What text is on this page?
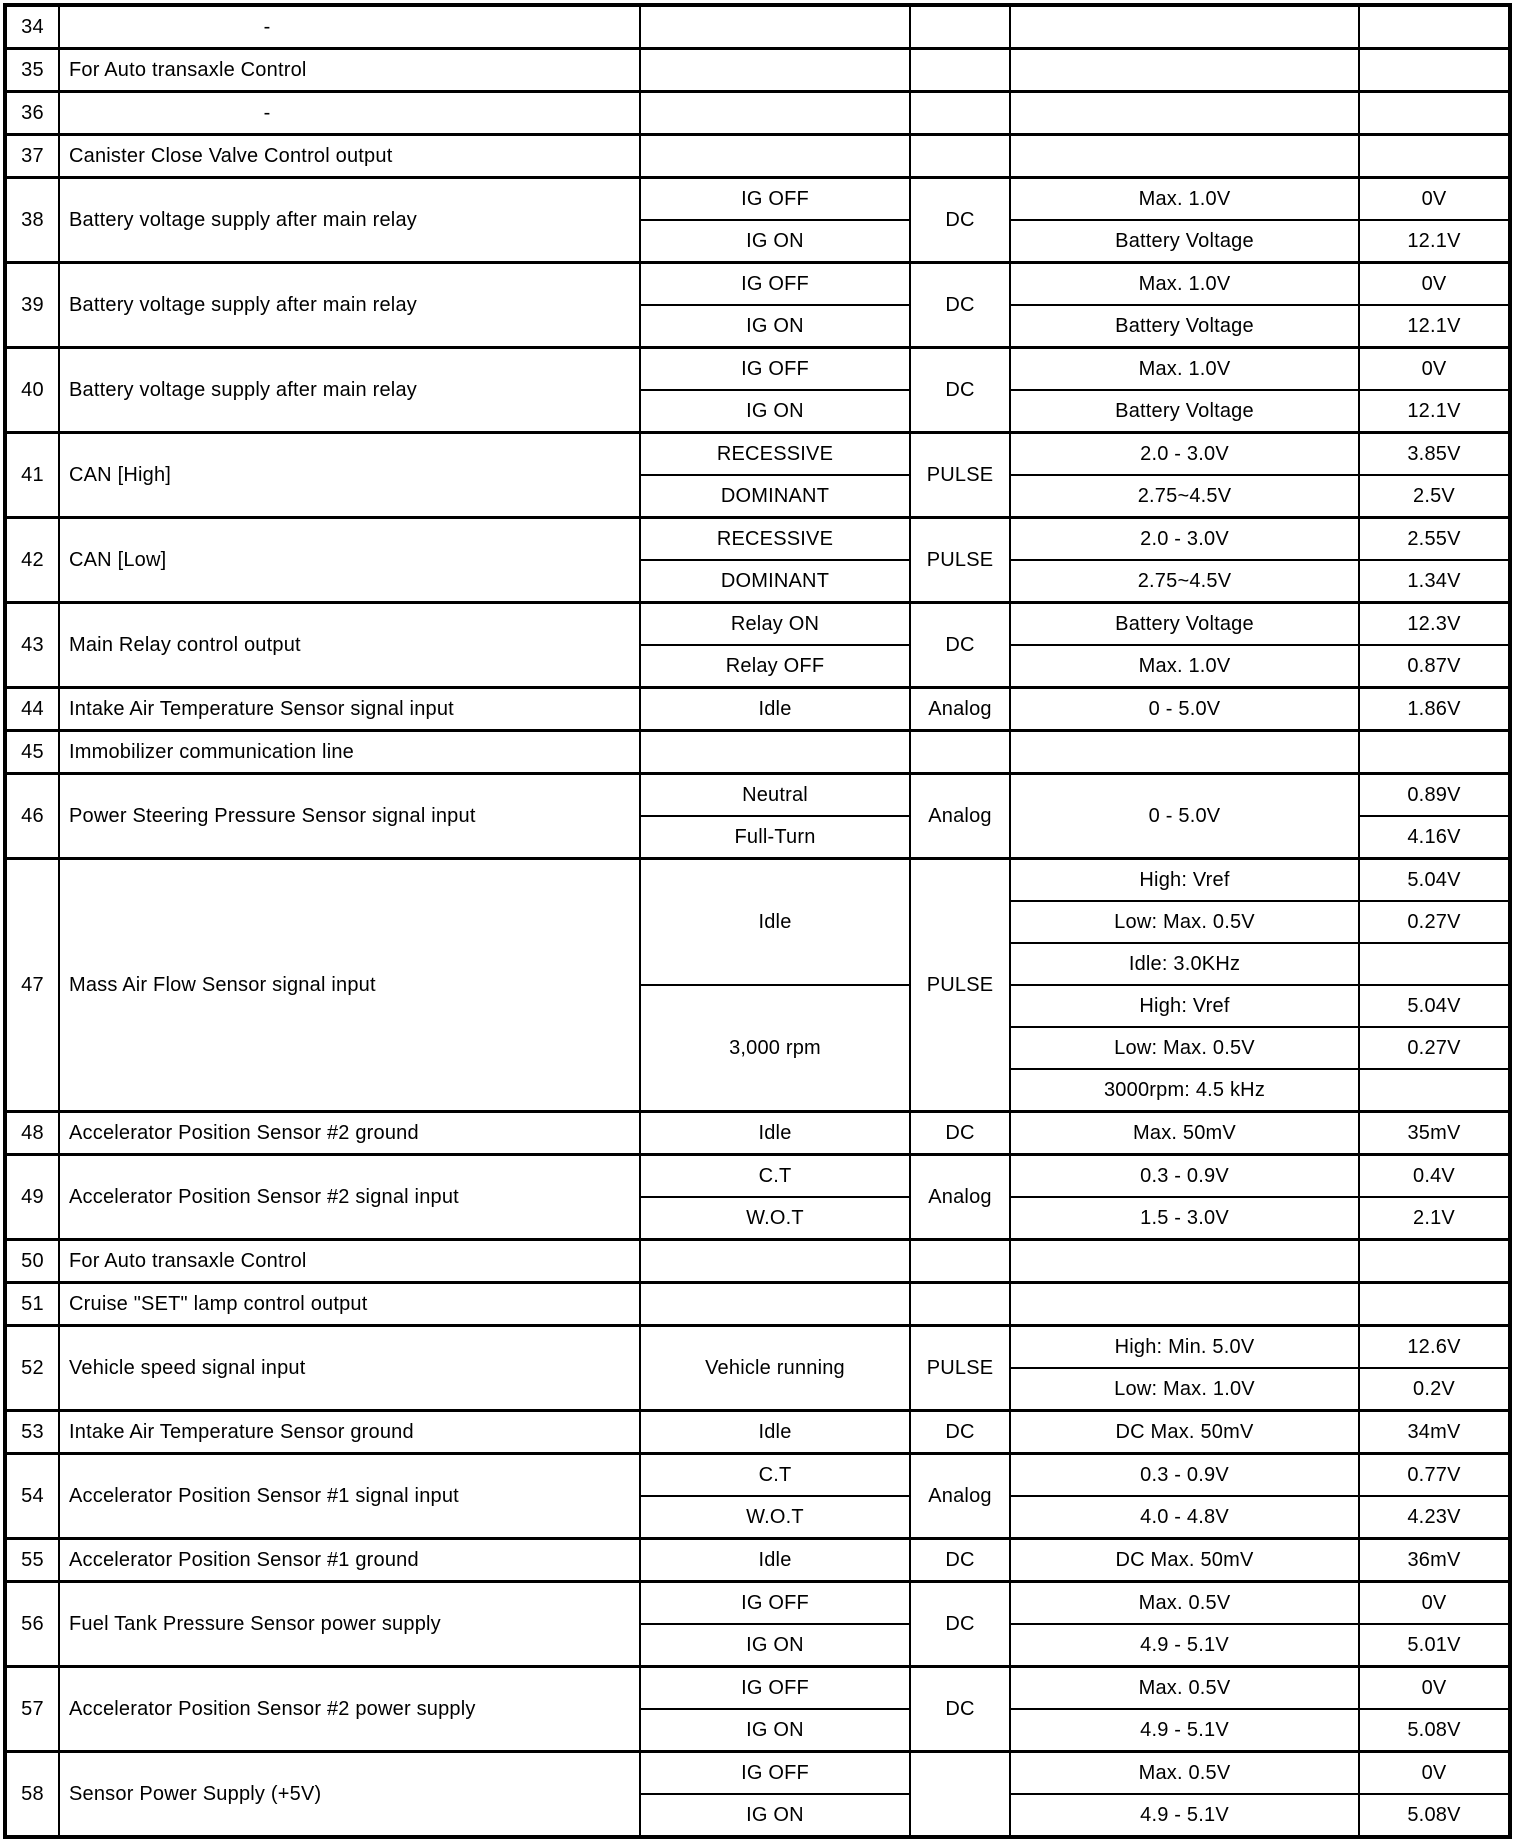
34	-				
35	For Auto transaxle Control				
36	-				
37	Canister Close Valve Control output				
38	Battery voltage supply after main relay	IG OFF	DC	Max. 1.0V	0V
		IG ON		Battery Voltage	12.1V
39	Battery voltage supply after main relay	IG OFF	DC	Max. 1.0V	0V
		IG ON		Battery Voltage	12.1V
40	Battery voltage supply after main relay	IG OFF	DC	Max. 1.0V	0V
		IG ON		Battery Voltage	12.1V
41	CAN [High]	RECESSIVE	PULSE	2.0 - 3.0V	3.85V
		DOMINANT		2.75~4.5V	2.5V
42	CAN [Low]	RECESSIVE	PULSE	2.0 - 3.0V	2.55V
		DOMINANT		2.75~4.5V	1.34V
43	Main Relay control output	Relay ON	DC	Battery Voltage	12.3V
		Relay OFF		Max. 1.0V	0.87V
44	Intake Air Temperature Sensor signal input	Idle	Analog	0 - 5.0V	1.86V
45	Immobilizer communication line				
46	Power Steering Pressure Sensor signal input	Neutral	Analog	0 - 5.0V	0.89V
		Full-Turn			4.16V
47	Mass Air Flow Sensor signal input	Idle	PULSE	High: Vref	5.04V
				Low: Max. 0.5V	0.27V
				Idle: 3.0KHz	
		3,000 rpm		High: Vref	5.04V
				Low: Max. 0.5V	0.27V
				3000rpm: 4.5 kHz	
48	Accelerator Position Sensor #2 ground	Idle	DC	Max. 50mV	35mV
49	Accelerator Position Sensor #2 signal input	C.T	Analog	0.3 - 0.9V	0.4V
		W.O.T		1.5 - 3.0V	2.1V
50	For Auto transaxle Control				
51	Cruise "SET" lamp control output				
52	Vehicle speed signal input	Vehicle running	PULSE	High: Min. 5.0V	12.6V
				Low: Max. 1.0V	0.2V
53	Intake Air Temperature Sensor ground	Idle	DC	DC Max. 50mV	34mV
54	Accelerator Position Sensor #1 signal input	C.T	Analog	0.3 - 0.9V	0.77V
		W.O.T		4.0 - 4.8V	4.23V
55	Accelerator Position Sensor #1 ground	Idle	DC	DC Max. 50mV	36mV
56	Fuel Tank Pressure Sensor power supply	IG OFF	DC	Max. 0.5V	0V
		IG ON		4.9 - 5.1V	5.01V
57	Accelerator Position Sensor #2 power supply	IG OFF	DC	Max. 0.5V	0V
		IG ON		4.9 - 5.1V	5.08V
58	Sensor Power Supply (+5V)	IG OFF		Max. 0.5V	0V
		IG ON		4.9 - 5.1V	5.08V
